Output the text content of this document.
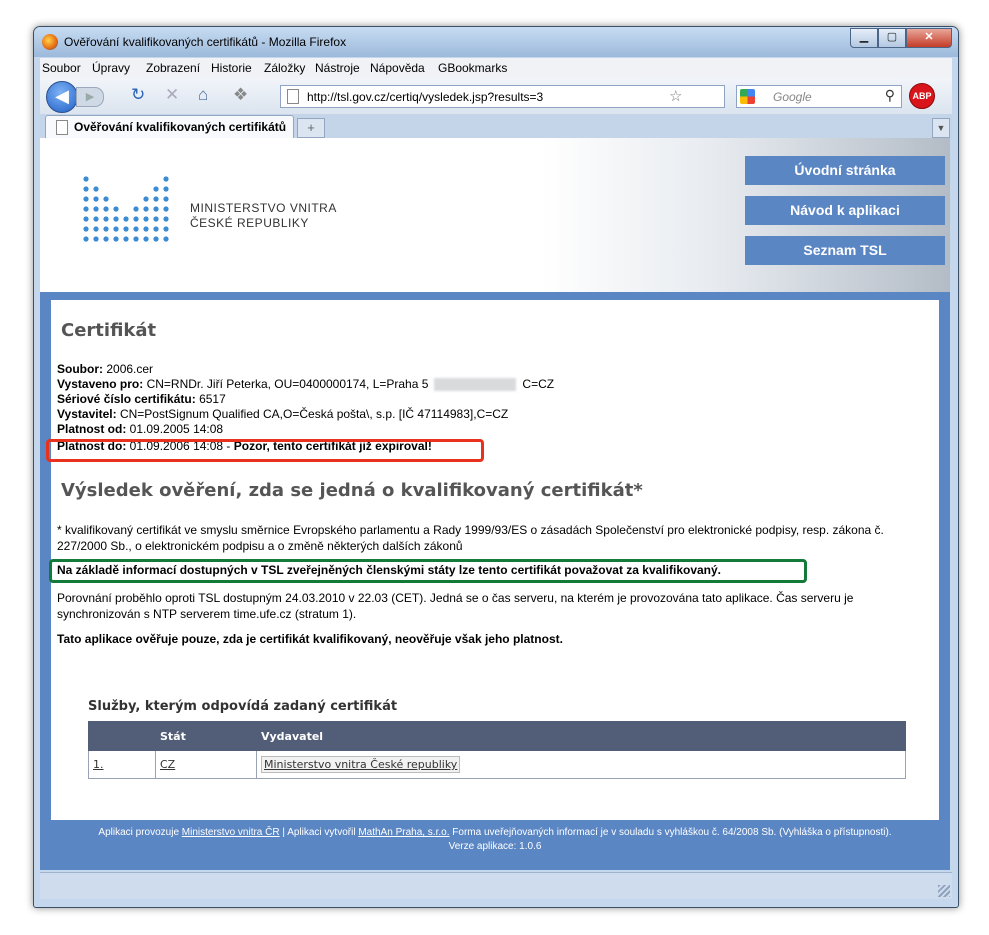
Ověřování kvalifikovaných certifikátů - Mozilla Firefox	▁	▢	✕
Soubor Úpravy Zobrazení Historie Záložky Nástroje Nápověda GBookmarks
◀	▶	↻ ✕ ⌂ ❖	http://tsl.gov.cz/certiq/vysledek.jsp?results=3	☆	Google	⚲	ABP
Ověřování kvalifikovaných certifikátů	+	▼
MINISTERSTVO VNITRA
ČESKÉ REPUBLIKY
Úvodní stránka
Návod k aplikaci
Seznam TSL
Certifikát
Soubor: 2006.cer
Vystaveno pro: CN=RNDr. Jiří Peterka, OU=0400000174, L=Praha 5	C=CZ
Sériové číslo certifikátu: 6517
Vystavitel: CN=PostSignum Qualified CA,O=Česká pošta\, s.p. [IČ 47114983],C=CZ
Platnost od: 01.09.2005 14:08
Platnost do: 01.09.2006 14:08 - Pozor, tento certifikát již expiroval!
Výsledek ověření, zda se jedná o kvalifikovaný certifikát*
* kvalifikovaný certifikát ve smyslu směrnice Evropského parlamentu a Rady 1999/93/ES o zásadách Společenství pro elektronické podpisy, resp. zákona č. 227/2000 Sb., o elektronickém podpisu a o změně některých dalších zákonů
Na základě informací dostupných v TSL zveřejněných členskými státy lze tento certifikát považovat za kvalifikovaný.
Porovnání proběhlo oproti TSL dostupným 24.03.2010 v 22.03 (CET). Jedná se o čas serveru, na kterém je provozována tato aplikace. Čas serveru je synchronizován s NTP serverem time.ufe.cz (stratum 1).
Tato aplikace ověřuje pouze, zda je certifikát kvalifikovaný, neověřuje však jeho platnost.
Služby, kterým odpovídá zadaný certifikát
	Stát	Vydavatel
1.	CZ	Ministerstvo vnitra České republiky
Aplikaci provozuje Ministerstvo vnitra ČR | Aplikaci vytvořil MathAn Praha, s.r.o. Forma uveřejňovaných informací je v souladu s vyhláškou č. 64/2008 Sb. (Vyhláška o přístupnosti).
Verze aplikace: 1.0.6
